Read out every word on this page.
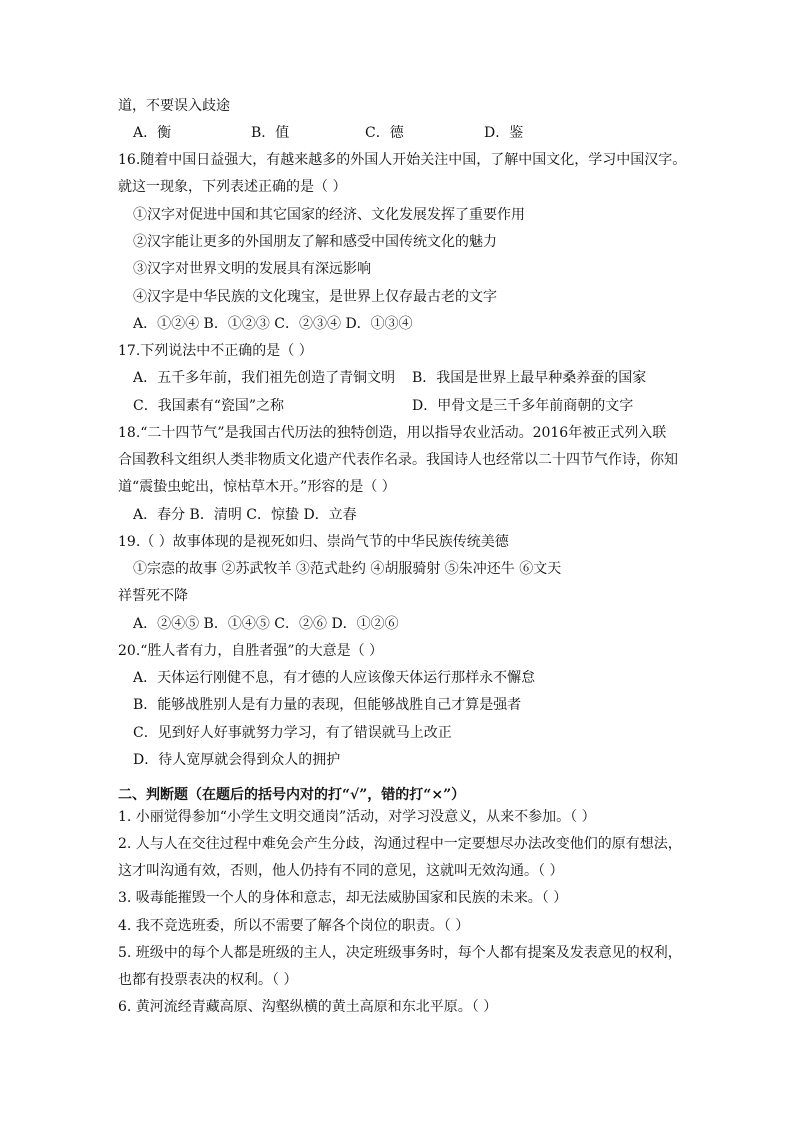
道，不要误入歧途
A．衡	B．值	C．德	D．鉴
16.随着中国日益强大，有越来越多的外国人开始关注中国，了解中国文化，学习中国汉字。
就这一现象，下列表述正确的是（ ）
①汉字对促进中国和其它国家的经济、文化发展发挥了重要作用
②汉字能让更多的外国朋友了解和感受中国传统文化的魅力
③汉字对世界文明的发展具有深远影响
④汉字是中华民族的文化瑰宝，是世界上仅存最古老的文字
A．①②④ B．①②③ C．②③④ D．①③④
17.下列说法中不正确的是（ ）
A．五千多年前，我们祖先创造了青铜文明 B．我国是世界上最早种桑养蚕的国家
C．我国素有“瓷国”之称	D．甲骨文是三千多年前商朝的文字
18.“二十四节气”是我国古代历法的独特创造，用以指导农业活动。2016年被正式列入联
合国教科文组织人类非物质文化遗产代表作名录。我国诗人也经常以二十四节气作诗，你知
道“震蛰虫蛇出，惊枯草木开。”形容的是（ ）
A．春分 B．清明 C．惊蛰 D．立春
19.（ ）故事体现的是视死如归、崇尚气节的中华民族传统美德
①宗悫的故事 ②苏武牧羊 ③范式赴约 ④胡服骑射 ⑤朱冲还牛 ⑥文天
祥誓死不降
A．②④⑤ B．①④⑤ C．②⑥ D．①②⑥
20.“胜人者有力，自胜者强”的大意是（ ）
A．天体运行刚健不息，有才德的人应该像天体运行那样永不懈怠
B．能够战胜别人是有力量的表现，但能够战胜自己才算是强者
C．见到好人好事就努力学习，有了错误就马上改正
D．待人宽厚就会得到众人的拥护
二、判断题（在题后的括号内对的打“√”，错的打“×”）
1. 小丽觉得参加“小学生文明交通岗”活动，对学习没意义，从来不参加。（ ）
2. 人与人在交往过程中难免会产生分歧，沟通过程中一定要想尽办法改变他们的原有想法，
这才叫沟通有效，否则，他人仍持有不同的意见，这就叫无效沟通。（ ）
3. 吸毒能摧毁一个人的身体和意志，却无法威胁国家和民族的未来。（ ）
4. 我不竞选班委，所以不需要了解各个岗位的职责。（ ）
5. 班级中的每个人都是班级的主人，决定班级事务时，每个人都有提案及发表意见的权利，
也都有投票表决的权利。（ ）
6. 黄河流经青藏高原、沟壑纵横的黄土高原和东北平原。（ ）
